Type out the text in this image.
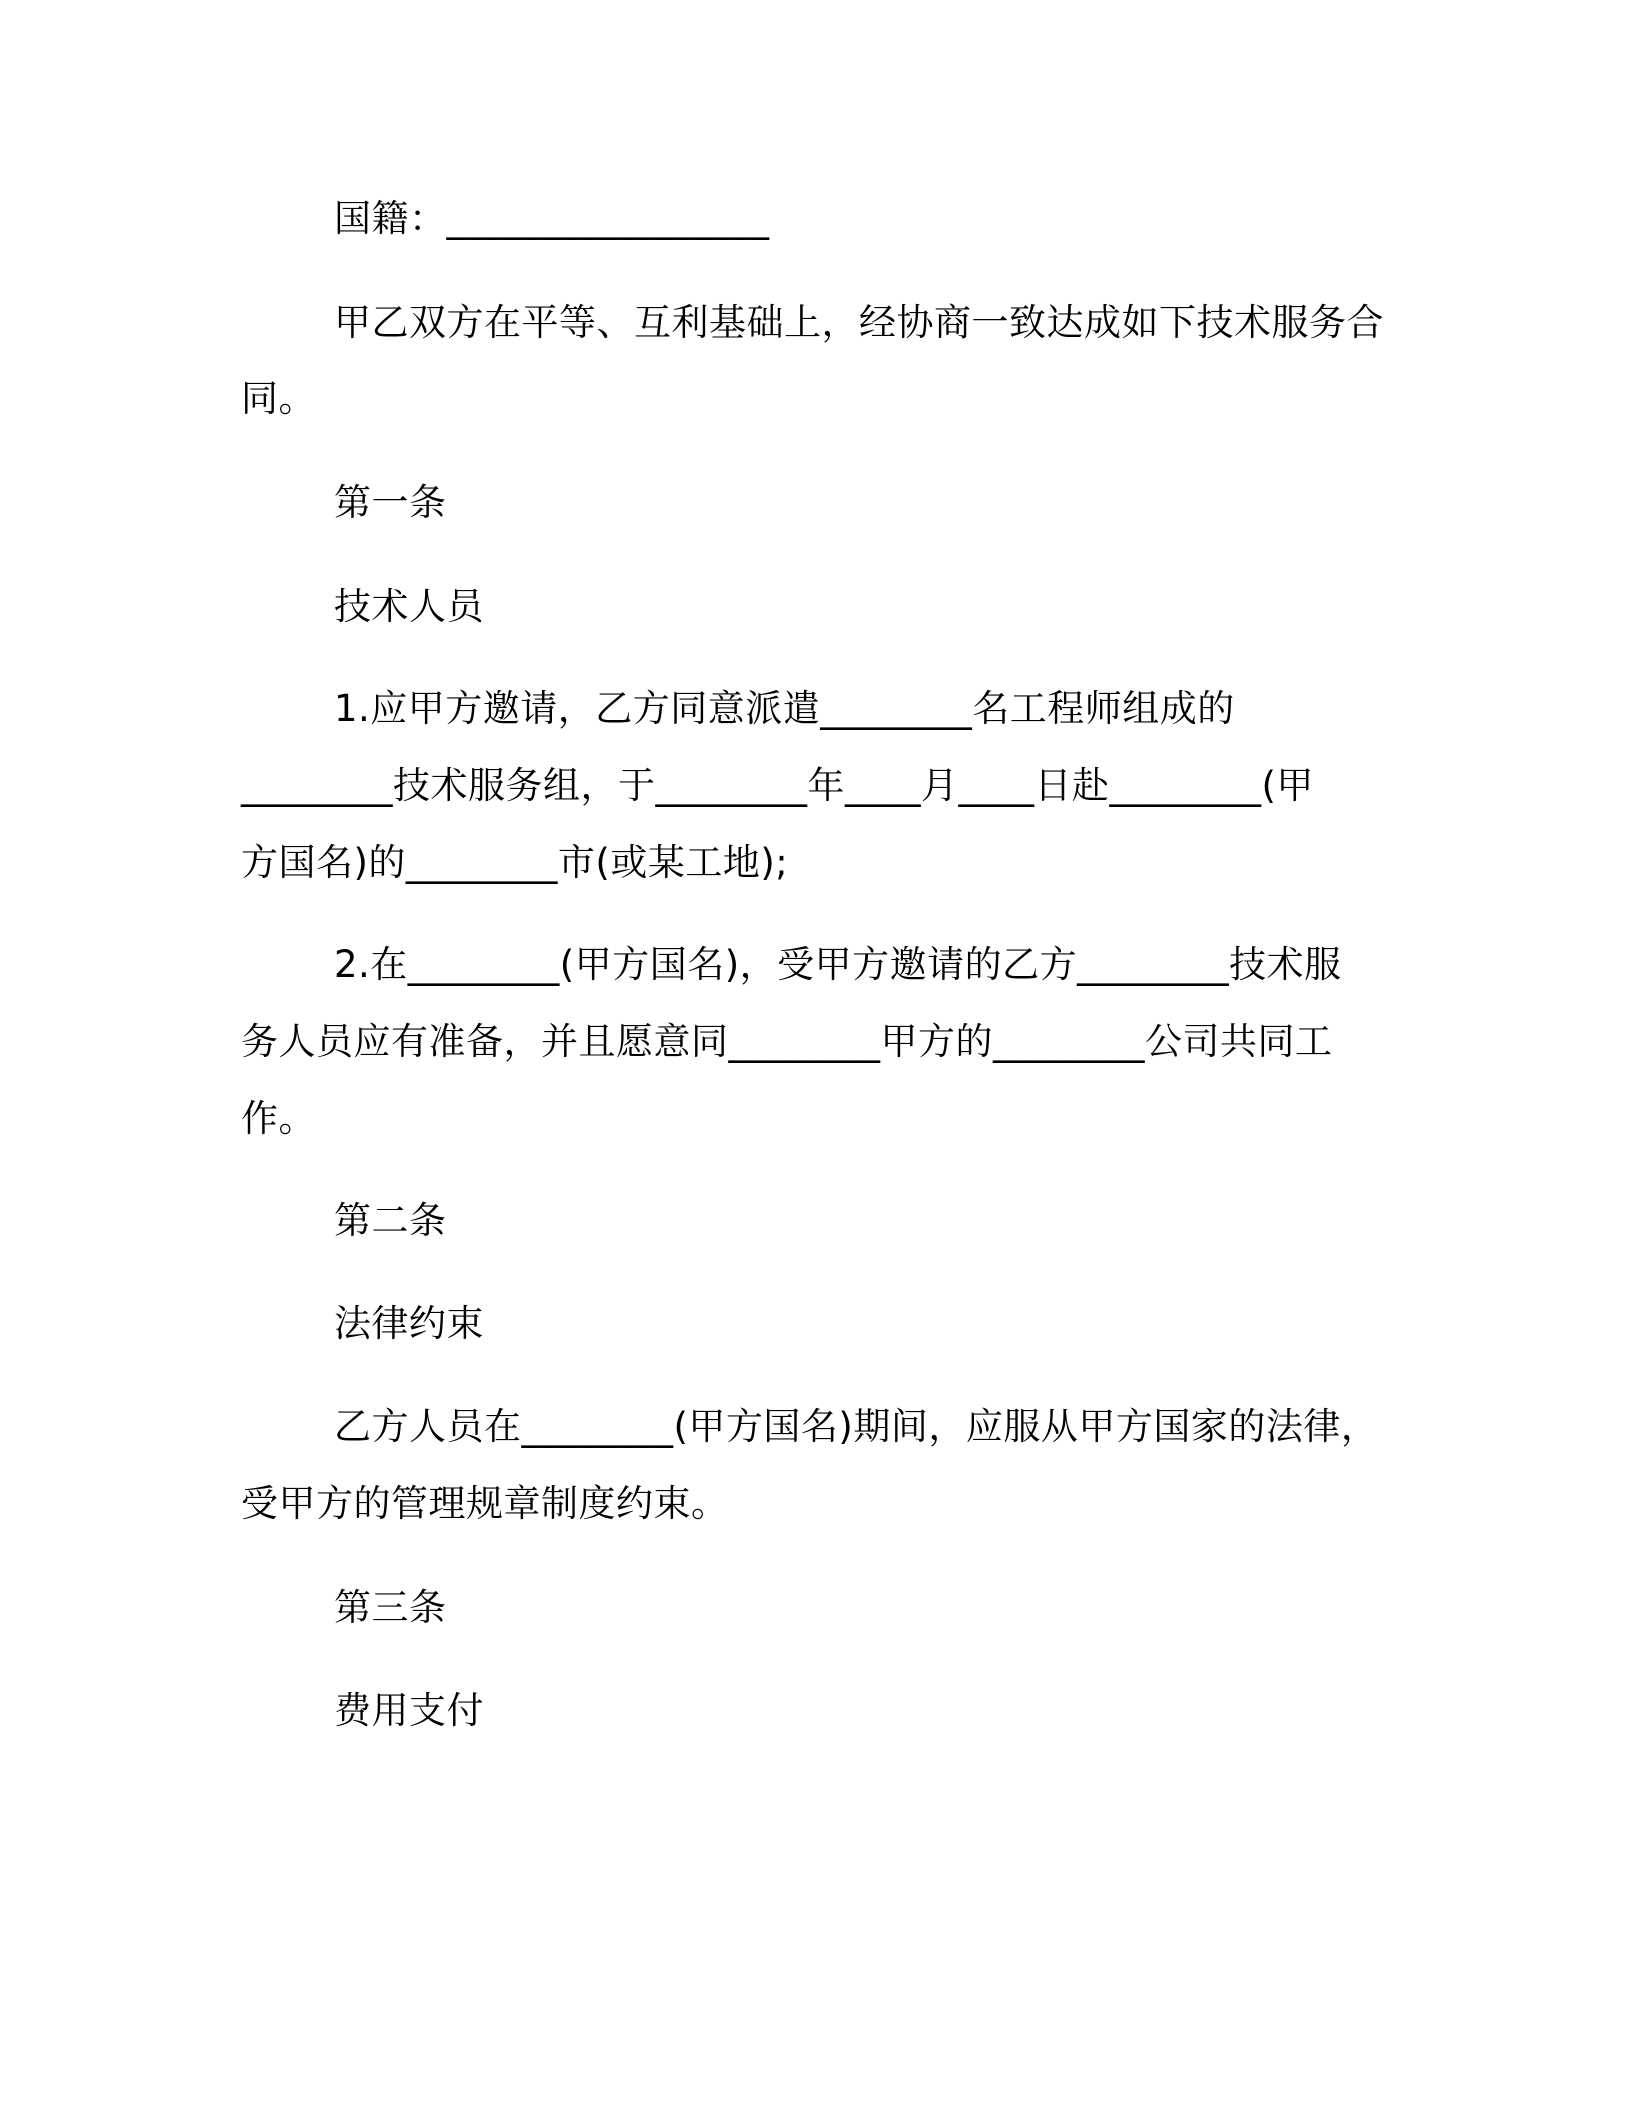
国籍：_________________
甲乙双方在平等、互利基础上，经协商一致达成如下技术服务合
同。
第一条
技术人员
1.应甲方邀请，乙方同意派遣________名工程师组成的
________技术服务组，于________年____月____日赴________(甲
方国名)的________市(或某工地);
2.在________(甲方国名)，受甲方邀请的乙方________技术服
务人员应有准备，并且愿意同________甲方的________公司共同工
作。
第二条
法律约束
乙方人员在________(甲方国名)期间，应服从甲方国家的法律，
受甲方的管理规章制度约束。
第三条
费用支付
